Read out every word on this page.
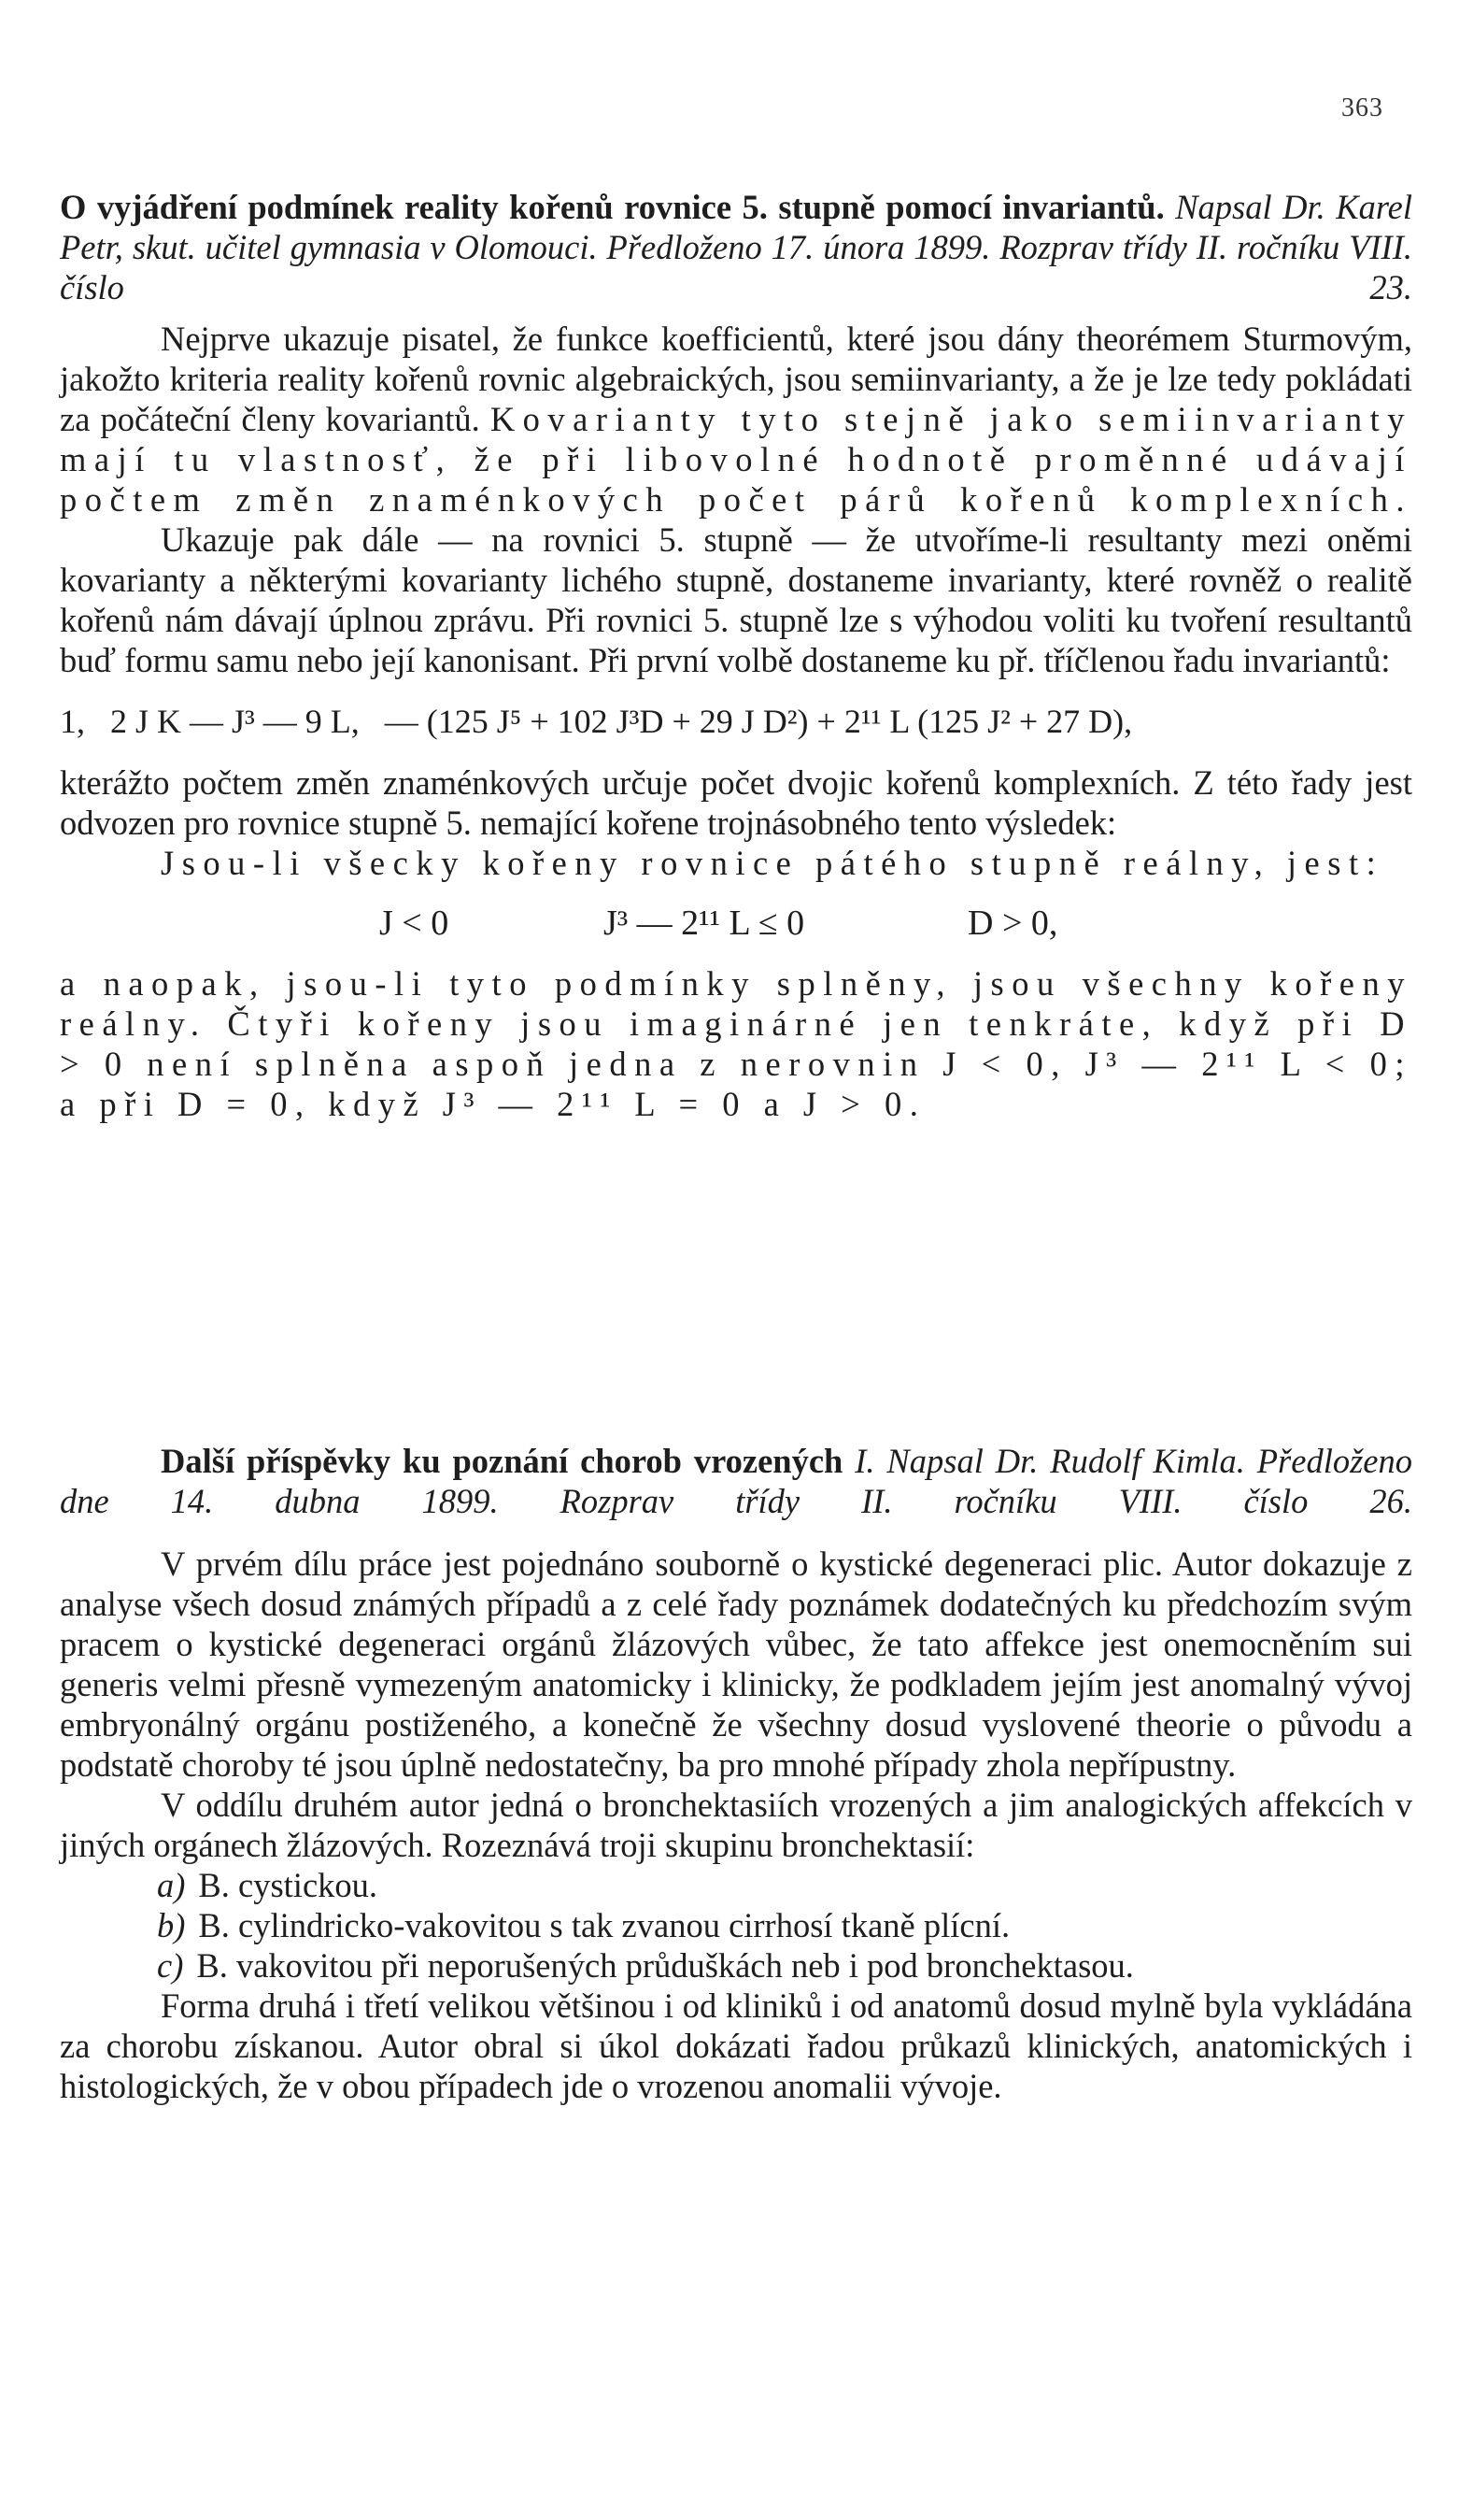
363

O vyjádření podmínek reality kořenů rovnice 5. stupně pomocí invariantů. Napsal Dr. Karel Petr, skut. učitel gymnasia v Olomouci. Předloženo 17. února 1899. Rozprav třídy II. ročníku VIII. číslo 23.

Nejprve ukazuje pisatel, že funkce koefficientů, které jsou dány theorémem Sturmovým, jakožto kriteria reality kořenů rovnic algebraických, jsou semiinvarianty, a že je lze tedy pokládati za počáteční členy kovariantů. Kovarianty tyto stejně jako semiinvarianty mají tu vlastnosť, že při libovolné hodnotě proměnné udávají počtem změn znaménkových počet párů kořenů komplexních.

Ukazuje pak dále — na rovnici 5. stupně — že utvoříme-li resultanty mezi oněmi kovarianty a některými kovarianty lichého stupně, dostaneme invarianty, které rovněž o realitě kořenů nám dávají úplnou zprávu. Při rovnici 5. stupně lze s výhodou voliti ku tvoření resultantů buď formu samu nebo její kanonisant. Při první volbě dostaneme ku př. tříčlenou řadu invariantů:

1,   2 J K — J³ — 9 L,   — (125 J⁵ + 102 J³D + 29 J D²) + 2¹¹ L (125 J² + 27 D),

kterážto počtem změn znaménkových určuje počet dvojic kořenů komplexních. Z této řady jest odvozen pro rovnice stupně 5. nemající kořene trojnásobného tento výsledek:

Jsou-li všecky kořeny rovnice pátého stupně reálny, jest:

J < 0	J³ — 2¹¹ L ≤ 0	D > 0,

a naopak, jsou-li tyto podmínky splněny, jsou všechny kořeny reálny. Čtyři kořeny jsou imaginárné jen tenkráte, když při D > 0 není splněna aspoň jedna z nerovnin J < 0, J³ — 2¹¹ L < 0; a při D = 0, když J³ — 2¹¹ L = 0 a J > 0.

Další příspěvky ku poznání chorob vrozených I. Napsal Dr. Rudolf Kimla. Předloženo dne 14. dubna 1899. Rozprav třídy II. ročníku VIII. číslo 26.

V prvém dílu práce jest pojednáno souborně o kystické degeneraci plic. Autor dokazuje z analyse všech dosud známých případů a z celé řady poznámek dodatečných ku předchozím svým pracem o kystické degeneraci orgánů žlázových vůbec, že tato affekce jest onemocněním sui generis velmi přesně vymezeným anatomicky i klinicky, že podkladem jejím jest anomalný vývoj embryonálný orgánu postiženého, a konečně že všechny dosud vyslovené theorie o původu a podstatě choroby té jsou úplně nedostatečny, ba pro mnohé případy zhola nepřípustny.

V oddílu druhém autor jedná o bronchektasiích vrozených a jim analogických affekcích v jiných orgánech žlázových. Rozeznává troji skupinu bronchektasií:

a) B. cystickou.

b) B. cylindricko-vakovitou s tak zvanou cirrhosí tkaně plícní.

c) B. vakovitou při neporušených průduškách neb i pod bronchektasou.

Forma druhá i třetí velikou většinou i od kliniků i od anatomů dosud mylně byla vykládána za chorobu získanou. Autor obral si úkol dokázati řadou průkazů klinických, anatomických i histologických, že v obou případech jde o vrozenou anomalii vývoje.
